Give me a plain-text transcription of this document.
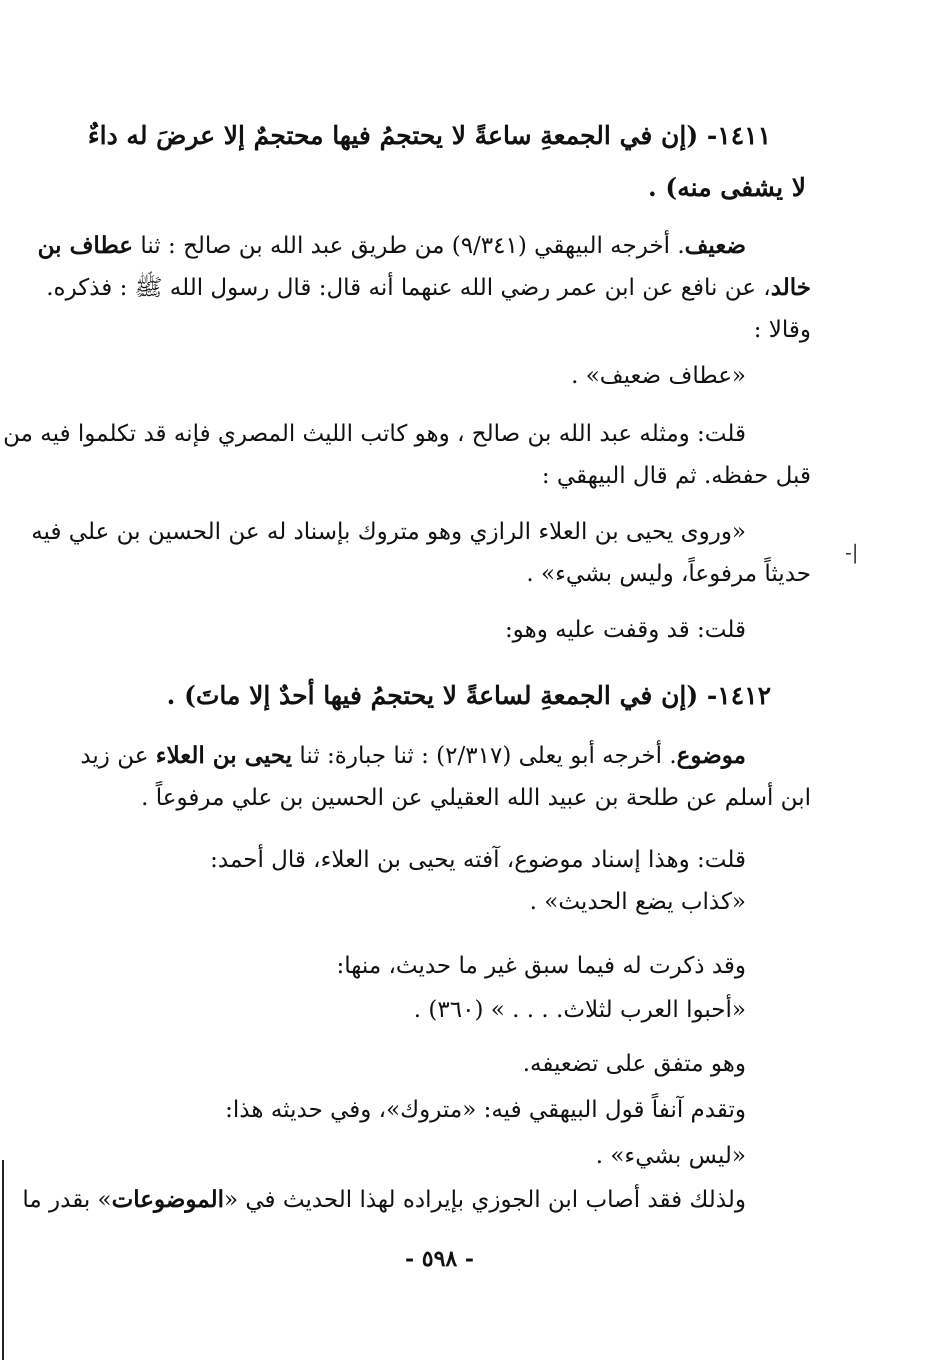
١٤١١- (إن في الجمعةِ ساعةً لا يحتجمُ فيها محتجمٌ إلا عرضَ له داءٌ
لا يشفى منه) .
ضعيف. أخرجه البيهقي (٩/٣٤١) من طريق عبد الله بن صالح : ثنا عطاف بن
خالد، عن نافع عن ابن عمر رضي الله عنهما أنه قال: قال رسول الله ﷺ : فذكره.
وقالا :
«عطاف ضعيف» .
قلت: ومثله عبد الله بن صالح ، وهو كاتب الليث المصري فإنه قد تكلموا فيه من
قبل حفظه. ثم قال البيهقي :
«وروى يحيى بن العلاء الرازي وهو متروك بإسناد له عن الحسين بن علي فيه
حديثاً مرفوعاً، وليس بشيء» .
-|
قلت: قد وقفت عليه وهو:
١٤١٢- (إن في الجمعةِ لساعةً لا يحتجمُ فيها أحدٌ إلا ماتَ) .
موضوع. أخرجه أبو يعلى (٢/٣١٧) : ثنا جبارة: ثنا يحيى بن العلاء عن زيد
ابن أسلم عن طلحة بن عبيد الله العقيلي عن الحسين بن علي مرفوعاً .
قلت: وهذا إسناد موضوع، آفته يحيى بن العلاء، قال أحمد:
«كذاب يضع الحديث» .
وقد ذكرت له فيما سبق غير ما حديث، منها:
«أحبوا العرب لثلاث. . . . » (٣٦٠) .
وهو متفق على تضعيفه.
وتقدم آنفاً قول البيهقي فيه: «متروك»، وفي حديثه هذا:
«ليس بشيء» .
ولذلك فقد أصاب ابن الجوزي بإيراده لهذا الحديث في «الموضوعات» بقدر ما
- ٥٩٨ -
